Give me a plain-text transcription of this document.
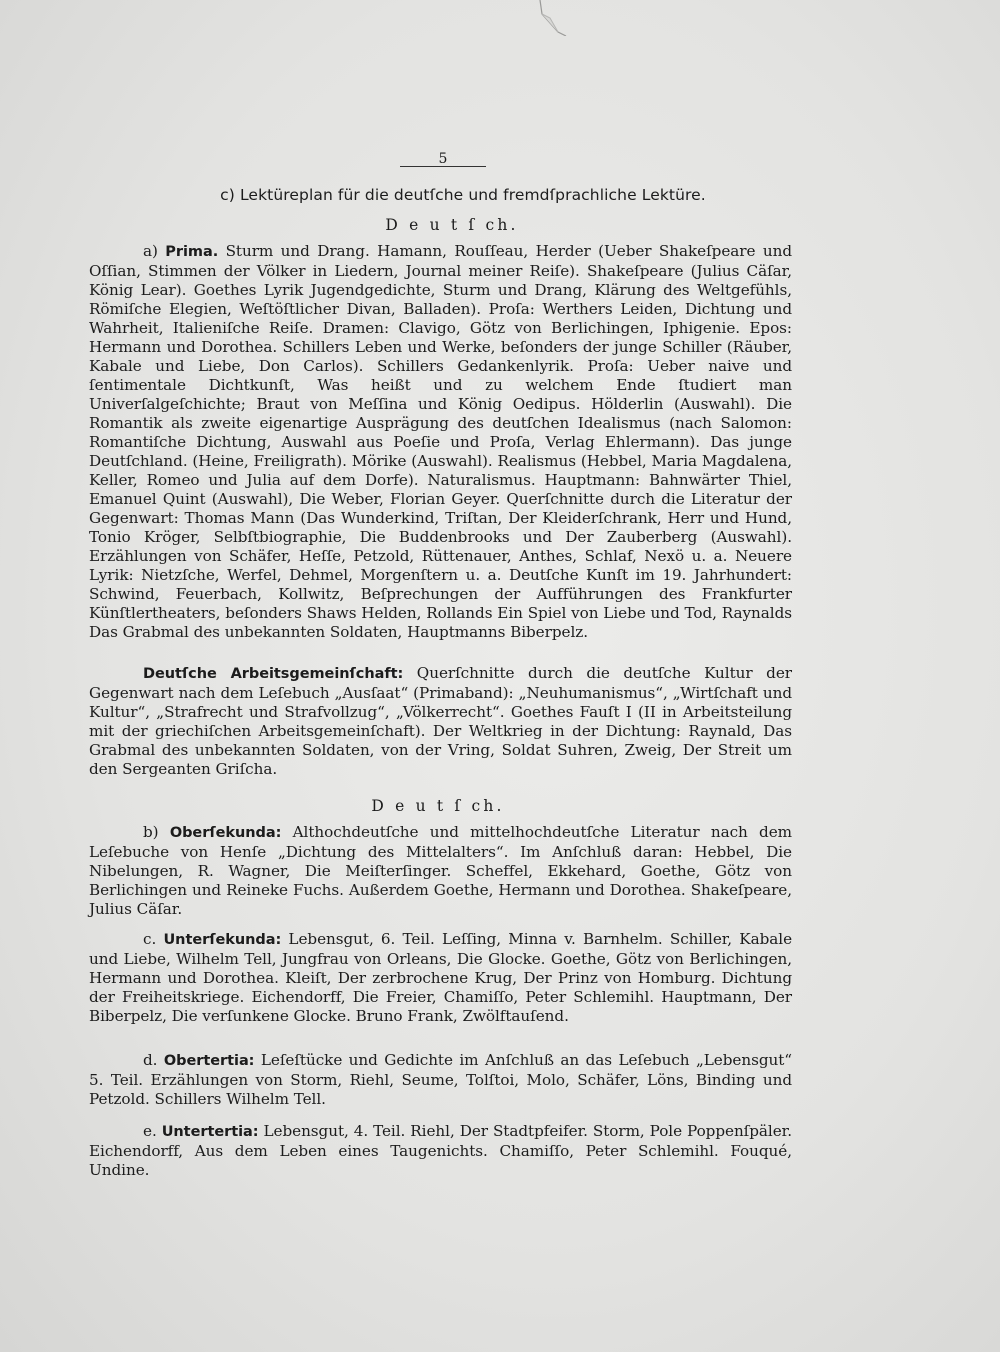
5
c) Lektüreplan für die deutſche und fremdſprachliche Lektüre.
D e u t ſ ch.
a) Prima. Sturm und Drang. Hamann, Rouſſeau, Herder (Ueber Shakeſpeare und Oſſian, Stimmen der Völker in Liedern, Journal meiner Reiſe). Shakeſpeare (Julius Cäſar, König Lear). Goethes Lyrik Jugendgedichte, Sturm und Drang, Klärung des Weltgefühls, Römiſche Elegien, Weſtöſtlicher Divan, Balladen). Proſa: Werthers Leiden, Dichtung und Wahrheit, Italieniſche Reiſe. Dramen: Clavigo, Götz von Berlichingen, Iphigenie. Epos: Hermann und Dorothea. Schillers Leben und Werke, beſonders der junge Schiller (Räuber, Kabale und Liebe, Don Carlos). Schillers Gedankenlyrik. Proſa: Ueber naive und ſentimentale Dichtkunſt, Was heißt und zu welchem Ende ſtudiert man Univerſalgeſchichte; Braut von Meſſina und König Oedipus. Hölderlin (Auswahl). Die Romantik als zweite eigenartige Ausprägung des deutſchen Idealismus (nach Salomon: Romantiſche Dichtung, Auswahl aus Poeſie und Proſa, Verlag Ehlermann). Das junge Deutſchland. (Heine, Freiligrath). Mörike (Auswahl). Realismus (Hebbel, Maria Magdalena, Keller, Romeo und Julia auf dem Dorfe). Naturalismus. Hauptmann: Bahnwärter Thiel, Emanuel Quint (Auswahl), Die Weber, Florian Geyer. Querſchnitte durch die Literatur der Gegenwart: Thomas Mann (Das Wunderkind, Triſtan, Der Kleiderſchrank, Herr und Hund, Tonio Kröger, Selbſtbiographie, Die Buddenbrooks und Der Zauberberg (Auswahl). Erzählungen von Schäfer, Heſſe, Petzold, Rüttenauer, Anthes, Schlaf, Nexö u. a. Neuere Lyrik: Nietzſche, Werfel, Dehmel, Morgenſtern u. a. Deutſche Kunſt im 19. Jahrhundert: Schwind, Feuerbach, Kollwitz, Beſprechungen der Aufführungen des Frankfurter Künſtlertheaters, beſonders Shaws Helden, Rollands Ein Spiel von Liebe und Tod, Raynalds Das Grabmal des unbekannten Soldaten, Hauptmanns Biberpelz.
Deutſche Arbeitsgemeinſchaft: Querſchnitte durch die deutſche Kultur der Gegenwart nach dem Leſebuch „Ausſaat“ (Primaband): „Neuhumanismus“, „Wirtſchaft und Kultur“, „Strafrecht und Strafvollzug“, „Völkerrecht“. Goethes Fauſt I (II in Arbeitsteilung mit der griechiſchen Arbeitsgemeinſchaft). Der Weltkrieg in der Dichtung: Raynald, Das Grabmal des unbekannten Soldaten, von der Vring, Soldat Suhren, Zweig, Der Streit um den Sergeanten Griſcha.
D e u t ſ ch.
b) Oberſekunda: Althochdeutſche und mittelhochdeutſche Literatur nach dem Leſebuche von Henſe „Dichtung des Mittelalters“. Im Anſchluß daran: Hebbel, Die Nibelungen, R. Wagner, Die Meiſterſinger. Scheffel, Ekkehard, Goethe, Götz von Berlichingen und Reineke Fuchs. Außerdem Goethe, Hermann und Dorothea. Shakeſpeare, Julius Cäſar.
c. Unterſekunda: Lebensgut, 6. Teil. Leſſing, Minna v. Barnhelm. Schiller, Kabale und Liebe, Wilhelm Tell, Jungfrau von Orleans, Die Glocke. Goethe, Götz von Berlichingen, Hermann und Dorothea. Kleiſt, Der zerbrochene Krug, Der Prinz von Homburg. Dichtung der Freiheitskriege. Eichendorff, Die Freier, Chamiſſo, Peter Schlemihl. Hauptmann, Der Biberpelz, Die verſunkene Glocke. Bruno Frank, Zwölftauſend.
d. Obertertia: Leſeſtücke und Gedichte im Anſchluß an das Leſebuch „Lebensgut“ 5. Teil. Erzählungen von Storm, Riehl, Seume, Tolſtoi, Molo, Schäfer, Löns, Binding und Petzold. Schillers Wilhelm Tell.
e. Untertertia: Lebensgut, 4. Teil. Riehl, Der Stadtpfeifer. Storm, Pole Poppenſpäler. Eichendorff, Aus dem Leben eines Taugenichts. Chamiſſo, Peter Schlemihl. Fouqué, Undine.
